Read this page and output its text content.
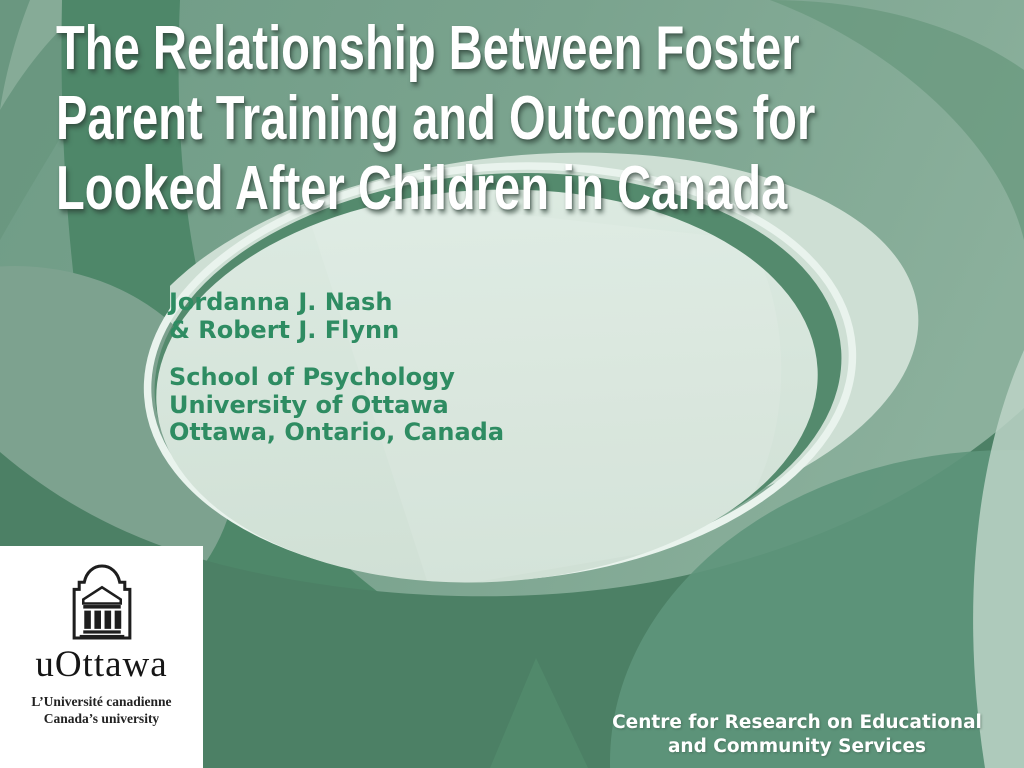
The Relationship Between Foster
Parent Training and Outcomes for
Looked After Children in Canada
Jordanna J. Nash
& Robert J. Flynn
School of Psychology
University of Ottawa
Ottawa, Ontario, Canada
uOttawa
L’Université canadienne
Canada’s university	Centre for Research on Educational
and Community Services
